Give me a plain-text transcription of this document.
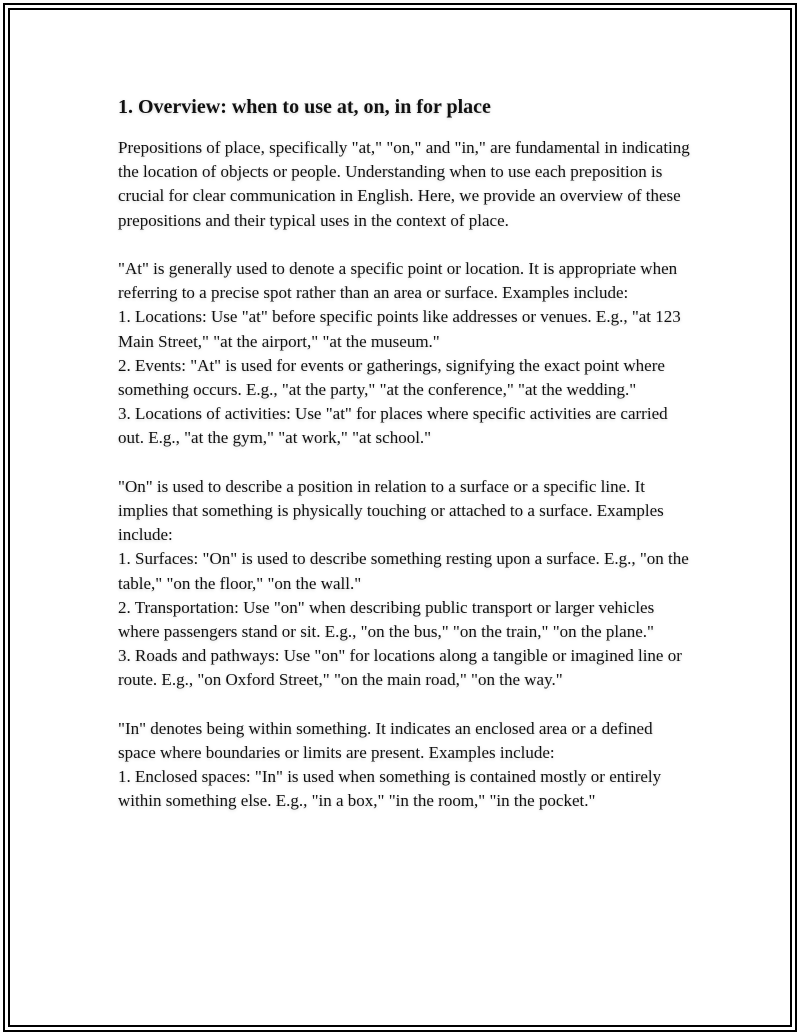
1. Overview: when to use at, on, in for place
Prepositions of place, specifically "at," "on," and "in," are fundamental in indicating the location of objects or people. Understanding when to use each preposition is crucial for clear communication in English. Here, we provide an overview of these prepositions and their typical uses in the context of place.

"At" is generally used to denote a specific point or location. It is appropriate when referring to a precise spot rather than an area or surface. Examples include:
1. Locations: Use "at" before specific points like addresses or venues. E.g., "at 123 Main Street," "at the airport," "at the museum."
2. Events: "At" is used for events or gatherings, signifying the exact point where something occurs. E.g., "at the party," "at the conference," "at the wedding."
3. Locations of activities: Use "at" for places where specific activities are carried out. E.g., "at the gym," "at work," "at school."

"On" is used to describe a position in relation to a surface or a specific line. It implies that something is physically touching or attached to a surface. Examples include:
1. Surfaces: "On" is used to describe something resting upon a surface. E.g., "on the table," "on the floor," "on the wall."
2. Transportation: Use "on" when describing public transport or larger vehicles where passengers stand or sit. E.g., "on the bus," "on the train," "on the plane."
3. Roads and pathways: Use "on" for locations along a tangible or imagined line or route. E.g., "on Oxford Street," "on the main road," "on the way."

"In" denotes being within something. It indicates an enclosed area or a defined space where boundaries or limits are present. Examples include:
1. Enclosed spaces: "In" is used when something is contained mostly or entirely within something else. E.g., "in a box," "in the room," "in the pocket."
